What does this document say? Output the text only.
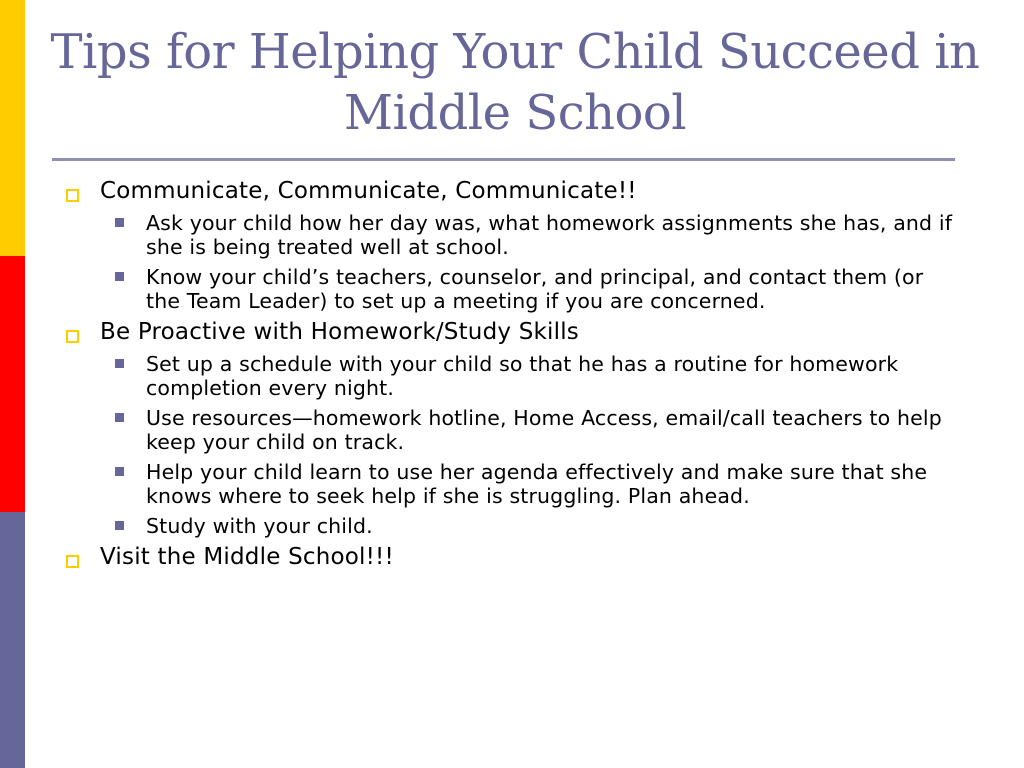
Tips for Helping Your Child Succeed in
Middle School
Communicate, Communicate, Communicate!!
Ask your child how her day was, what homework assignments she has, and if she is being treated well at school.
Know your child’s teachers, counselor, and principal, and contact them (or the Team Leader) to set up a meeting if you are concerned.
Be Proactive with Homework/Study Skills
Set up a schedule with your child so that he has a routine for homework completion every night.
Use resources—homework hotline, Home Access, email/call teachers to help keep your child on track.
Help your child learn to use her agenda effectively and make sure that she knows where to seek help if she is struggling. Plan ahead.
Study with your child.
Visit the Middle School!!!
